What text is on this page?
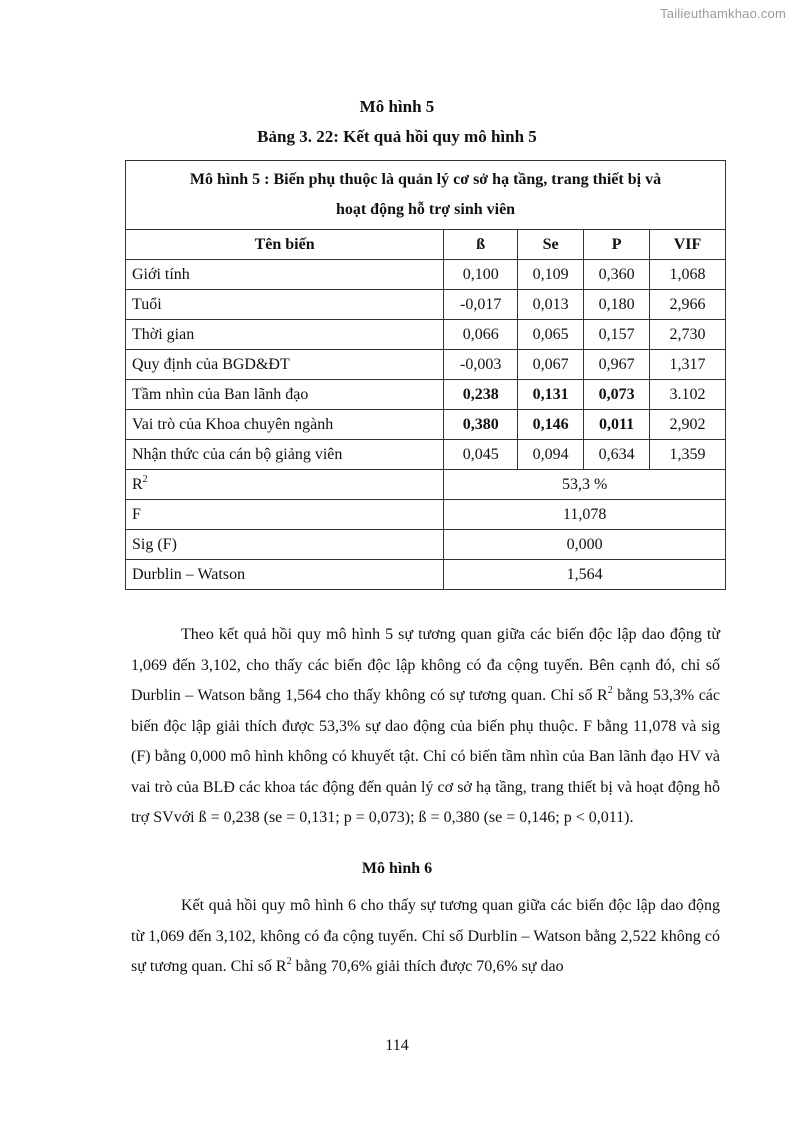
Tailieuthamkhao.com
Mô hình 5
Bảng 3. 22: Kết quả hồi quy mô hình 5
Mô hình 5 : Biến phụ thuộc là quản lý cơ sở hạ tầng, trang thiết bị và
hoạt động hỗ trợ sinh viên				
Tên biến	ß	Se	P	VIF
Giới tính	0,100	0,109	0,360	1,068
Tuổi	-0,017	0,013	0,180	2,966
Thời gian	0,066	0,065	0,157	2,730
Quy định của BGD&ĐT	-0,003	0,067	0,967	1,317
Tầm nhìn của Ban lãnh đạo	0,238	0,131	0,073	3.102
Vai trò của Khoa chuyên ngành	0,380	0,146	0,011	2,902
Nhận thức của cán bộ giảng viên	0,045	0,094	0,634	1,359
$R^2$	53,3 %			
F	11,078			
Sig (F)	0,000			
Durblin – Watson	1,564			

Theo kết quả hồi quy mô hình 5 sự tương quan giữa các biến độc lập dao động từ 1,069 đến 3,102, cho thấy các biến độc lập không có đa cộng tuyến. Bên cạnh đó, chỉ số Durblin – Watson bằng 1,564 cho thấy không có sự tương quan. Chỉ số $R^2$ bằng 53,3% các biến độc lập giải thích được 53,3% sự dao động của biến phụ thuộc. F bằng 11,078 và sig (F) bằng 0,000 mô hình không có khuyết tật. Chỉ có biến tầm nhìn của Ban lãnh đạo HV và vai trò của BLĐ các khoa tác động đến quản lý cơ sở hạ tầng, trang thiết bị và hoạt động hỗ trợ SVvới ß = 0,238 (se = 0,131; p = 0,073); ß = 0,380 (se = 0,146; p < 0,011).

Mô hình 6

Kết quả hồi quy mô hình 6 cho thấy sự tương quan giữa các biến độc lập dao động từ 1,069 đến 3,102, không có đa cộng tuyến. Chỉ số Durblin – Watson bằng 2,522 không có sự tương quan. Chỉ số $R^2$ bằng 70,6% giải thích được 70,6% sự dao

114
